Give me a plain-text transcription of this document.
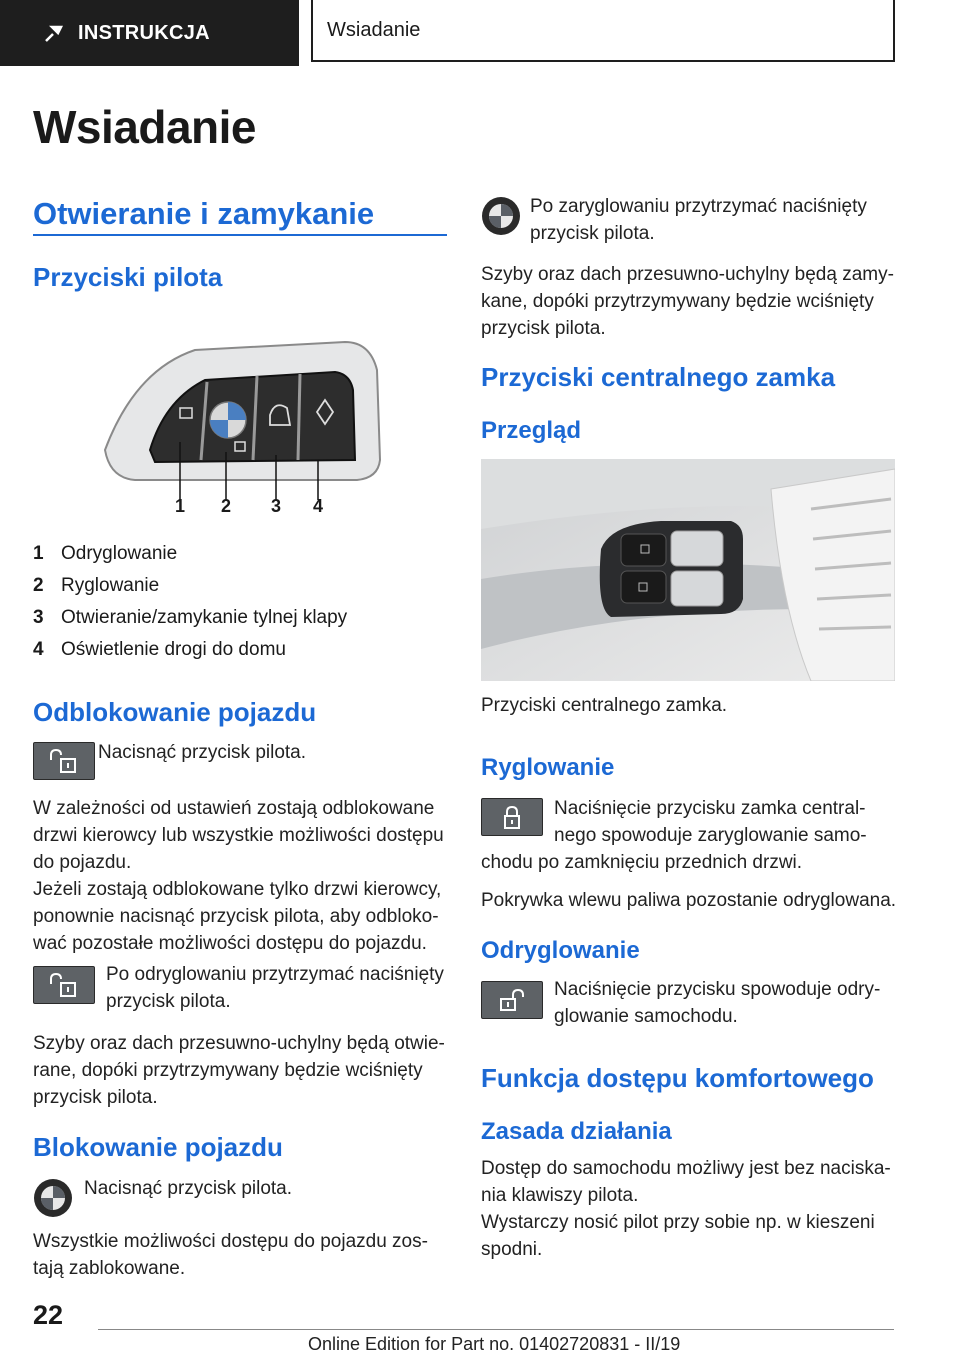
INSTRUKCJA	Wsiadanie
Wsiadanie
Otwieranie i zamykanie
Przyciski pilota
1 2 3 4
1 Odryglowanie
2 Ryglowanie
3 Otwieranie/zamykanie tylnej klapy
4 Oświetlenie drogi do domu
Odblokowanie pojazdu

Nacisnąć przycisk pilota.

W zależności od ustawień zostają odblokowane
drzwi kierowcy lub wszystkie możliwości dostępu
do pojazdu.

Jeżeli zostają odblokowane tylko drzwi kierowcy,
ponownie nacisnąć przycisk pilota, aby odbloko-
wać pozostałe możliwości dostępu do pojazdu.

Po odryglowaniu przytrzymać naciśnięty
przycisk pilota.

Szyby oraz dach przesuwno-uchylny będą otwie-
rane, dopóki przytrzymywany będzie wciśnięty
przycisk pilota.

Blokowanie pojazdu

Nacisnąć przycisk pilota.

Wszystkie możliwości dostępu do pojazdu zos-
tają zablokowane.

Po zaryglowaniu przytrzymać naciśnięty
przycisk pilota.

Szyby oraz dach przesuwno-uchylny będą zamy-
kane, dopóki przytrzymywany będzie wciśnięty
przycisk pilota.

Przyciski centralnego zamka
Przegląd

Przyciski centralnego zamka.

Ryglowanie

Naciśnięcie przycisku zamka central-
nego spowoduje zaryglowanie samo-

chodu po zamknięciu przednich drzwi.

Pokrywka wlewu paliwa pozostanie odryglowana.

Odryglowanie

Naciśnięcie przycisku spowoduje odry-
glowanie samochodu.

Funkcja dostępu komfortowego
Zasada działania

Dostęp do samochodu możliwy jest bez naciska-
nia klawiszy pilota.

Wystarczy nosić pilot przy sobie np. w kieszeni
spodni.

22
Online Edition for Part no. 01402720831 - II/19
